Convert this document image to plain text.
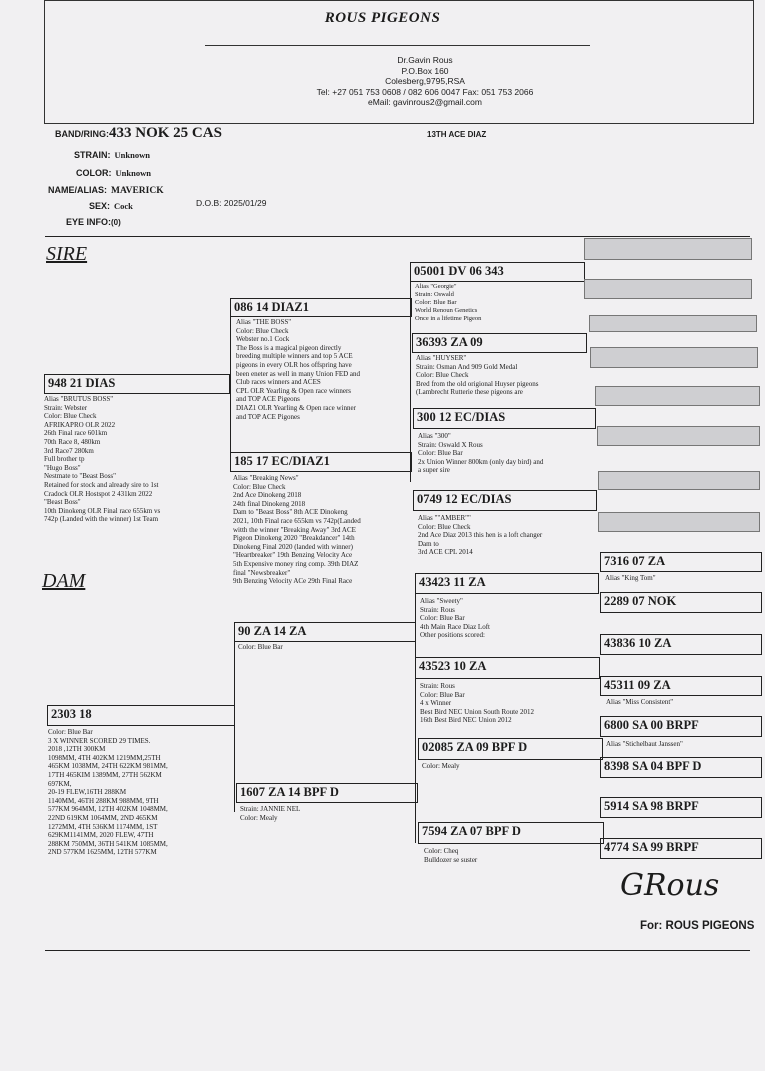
ROUS PIGEONS
Dr.Gavin Rous
P.O.Box 160
Colesberg,9795,RSA
Tel: +27 051 753 0608 / 082 606 0047 Fax: 051 753 2066
eMail: gavinrous2@gmail.com
BAND/RING:433 NOK 25 CAS	13TH ACE DIAZ
STRAIN: Unknown
COLOR: Unknown
NAME/ALIAS: MAVERICK
SEX: Cock	D.O.B: 2025/01/29
EYE INFO:(0)
SIRE
DAM
948 21 DIAS
Alias "BRUTUS BOSS"
Strain: Webster
Color: Blue Check
AFRIKAPRO OLR 2022
26th Final race 601km
70th Race 8, 480km
3rd Race7 280km
Full brother tp
"Hugo Boss"
Nestmate to "Beast Boss"
Retained for stock and already sire to 1st
Cradock OLR Hostspot 2 431km 2022
"Beast Boss"
10th Dinokeng OLR Final race 655km vs
742p (Landed with the winner) 1st Team
2303 18
Color: Blue Bar
3 X WINNER SCORED 29 TIMES.
2018 ,12TH 300KM
1098MM, 4TH 402KM 1219MM,25TH
465KM 1038MM, 24TH 622KM 981MM,
17TH 465KIM 1389MM, 27TH 562KM
697KM,
20-19 FLEW,16TH 288KM
1140MM, 46TH 288KM 988MM, 9TH
577KM 964MM, 12TH 402KM 1048MM,
22ND 619KM 1064MM, 2ND 465KM
1272MM, 4TH 536KM 1174MM, 1ST
629KM1141MM, 2020 FLEW, 47TH
288KM 750MM, 36TH 541KM 1085MM,
2ND 577KM 1625MM, 12TH 577KM
086 14 DIAZ1
Alias "THE BOSS"
Color: Blue Check
Webster no.1 Cock
The Boss is a magical pigeon directly
breeding multiple winners and top 5 ACE
pigeons in every OLR hos offspring have
been eneter as well in many Union FED and
Club races winners and ACES
CPL OLR Yearling & Open race winners
and TOP ACE Pigeons
DIAZ1 OLR Yearling & Open race winner
and TOP ACE Pigones
185 17 EC/DIAZ1
Alias "Breaking News"
Color: Blue Check
2nd Ace Dinokeng 2018
24th final Dinokeng 2018
Dam to "Beast Boss" 8th ACE Dinokeng
2021, 10th Final race 655km vs 742p(Landed
witth the winner "Breaking Away" 3rd ACE
Pigeon Dinokeng 2020 "Breakdancer" 14th
Dinokeng Final 2020 (landed with winner)
"Heartbreaker" 19th Benzing Velocity Ace
5th Expensive money ring comp. 39th DIAZ
final "Newsbreaker"
9th Benzing Velocity ACe 29th Final Race
90 ZA 14 ZA
Color: Blue Bar
1607 ZA 14 BPF D
Strain: JANNIE NEL
Color: Mealy
05001 DV 06 343
Alias "Georgie"
Strain: Oswald
Color: Blue Bar
World Renoun Genetics
Once in a lifetime Pigeon
36393 ZA 09
Alias "HUYSER"
Strain: Osman And 909 Gold Medal
Color: Blue Check
Bred from the old origional Huyser pigeons
(Lambrecht Rutterie these pigeons are
300 12 EC/DIAS
Alias "300"
Strain: Oswald X Rous
Color: Blue Bar
2x Union Winner 800km (only day bird) and
a super sire
0749 12 EC/DIAS
Alias ""AMBER""
Color: Blue Check
2nd Ace Diaz 2013 this hen is a loft changer
Dam to
3rd ACE CPL 2014
43423 11 ZA
Alias "Sweety"
Strain: Rous
Color: Blue Bar
4th Main Race Diaz Loft
Other positions scored:
43523 10 ZA
Strain: Rous
Color: Blue Bar
4 x Winner
Best Bird NEC Union South Route 2012
16th Best Bird NEC Union 2012
02085 ZA 09 BPF D
Color: Mealy
7594 ZA 07 BPF D
Color: Cheq
Bulldozer se suster
7316 07 ZA
Alias "King Tom"
2289 07 NOK
43836 10 ZA
45311 09 ZA
Alias "Miss Consistent"
6800 SA 00 BRPF
Alias "Stichelbaut Janssen"
8398 SA 04 BPF D
5914 SA 98 BRPF
4774 SA 99 BRPF
GRous
For: ROUS PIGEONS
